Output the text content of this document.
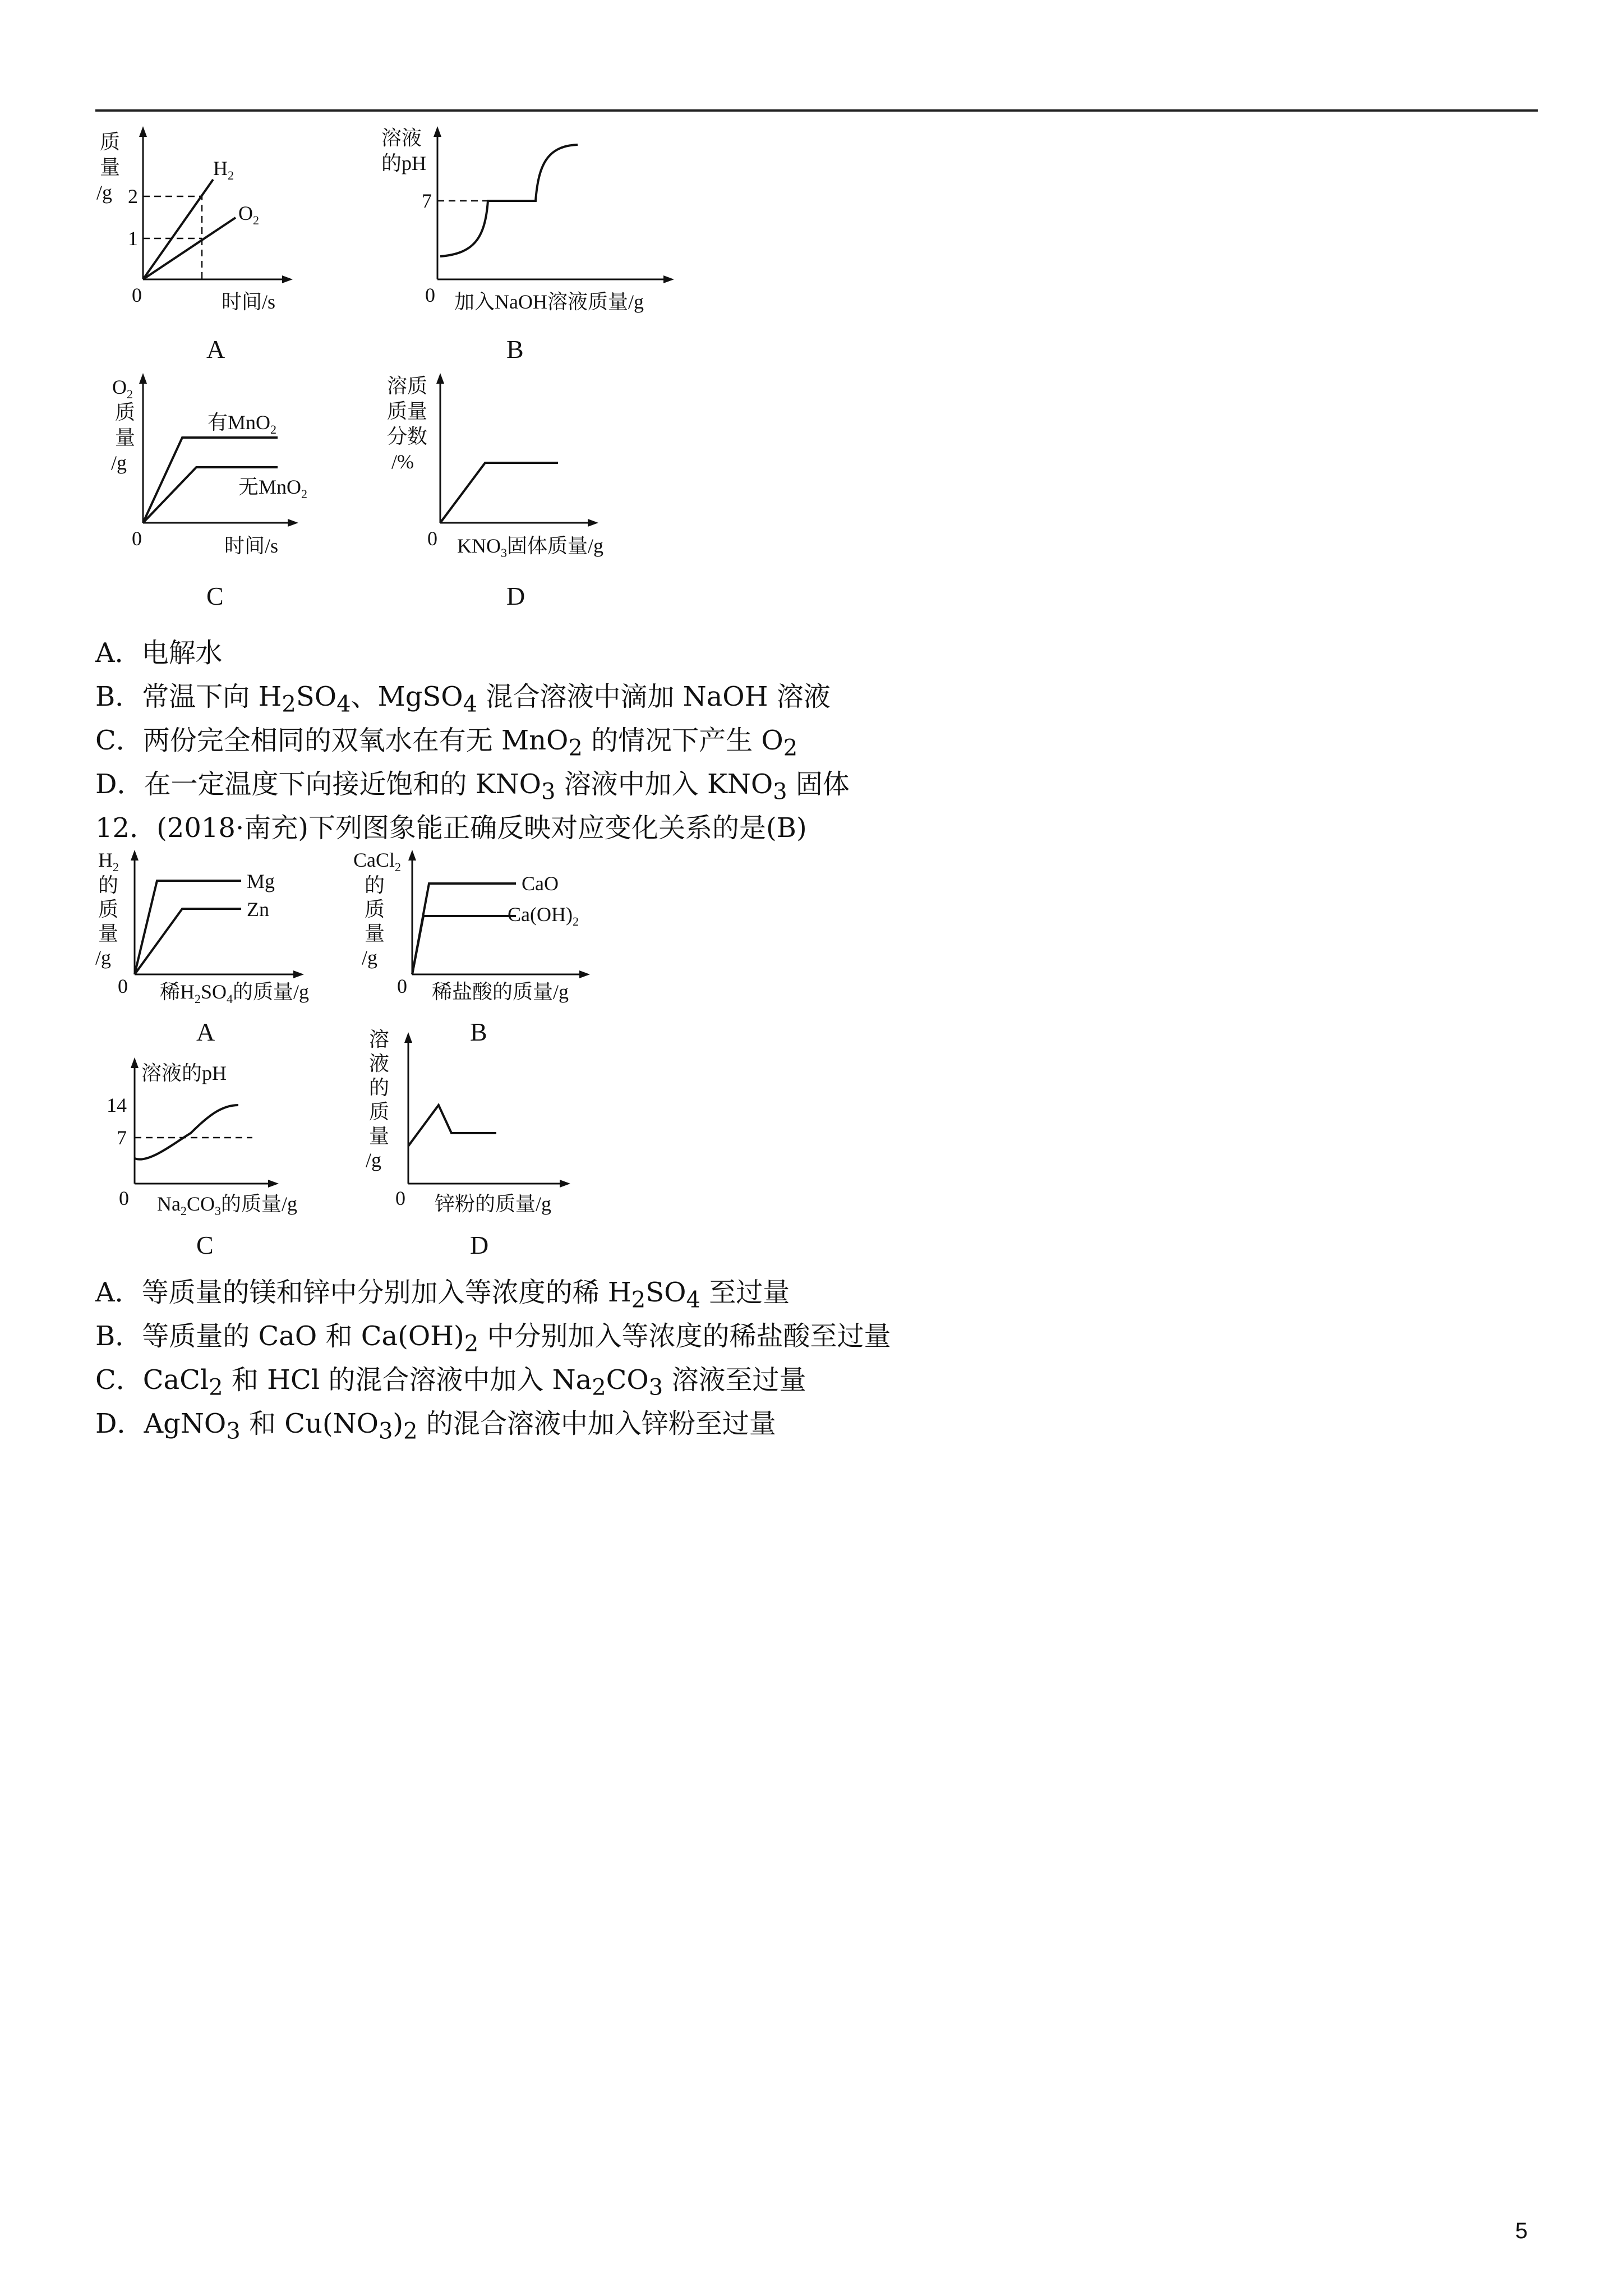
质
量
/g 2
1
$H_2$
$O_2$
0	时间/s
A
溶液
的pH
7
0 加入NaOH溶液质量/g
B
$O_2$
质
量
/g
有MnO$_2$
无MnO$_2$
0	时间/s
C
溶质
质量
分数
/%
0 $KNO_3$固体质量/g
D
A．电解水
B．常温下向 $H_2SO_4$、MgSO$_4$ 混合溶液中滴加 NaOH 溶液
C．两份完全相同的双氧水在有无 MnO$_2$ 的情况下产生 $O_2$
D．在一定温度下向接近饱和的 $KNO_3$ 溶液中加入 $KNO_3$ 固体
12．(2018·南充)下列图象能正确反映对应变化关系的是(B)
$H_2$
的
质
量
/g
Mg
Zn
0 稀$H_2SO_4$的质量/g
A
CaCl$_2$
的
质
量
/g
CaO
$Ca(OH)_2$
0 稀盐酸的质量/g
B
溶液的pH
14
7
0 $Na_2CO_3$的质量/g
C
溶
液
的
质
量
/g
0 锌粉的质量/g
D
A．等质量的镁和锌中分别加入等浓度的稀 $H_2SO_4$ 至过量
B．等质量的 CaO 和 $Ca(OH)_2$ 中分别加入等浓度的稀盐酸至过量
C．CaCl$_2$ 和 HCl 的混合溶液中加入 $Na_2CO_3$ 溶液至过量
D．AgNO$_3$ 和 $Cu(NO_3)_2$ 的混合溶液中加入锌粉至过量
5
